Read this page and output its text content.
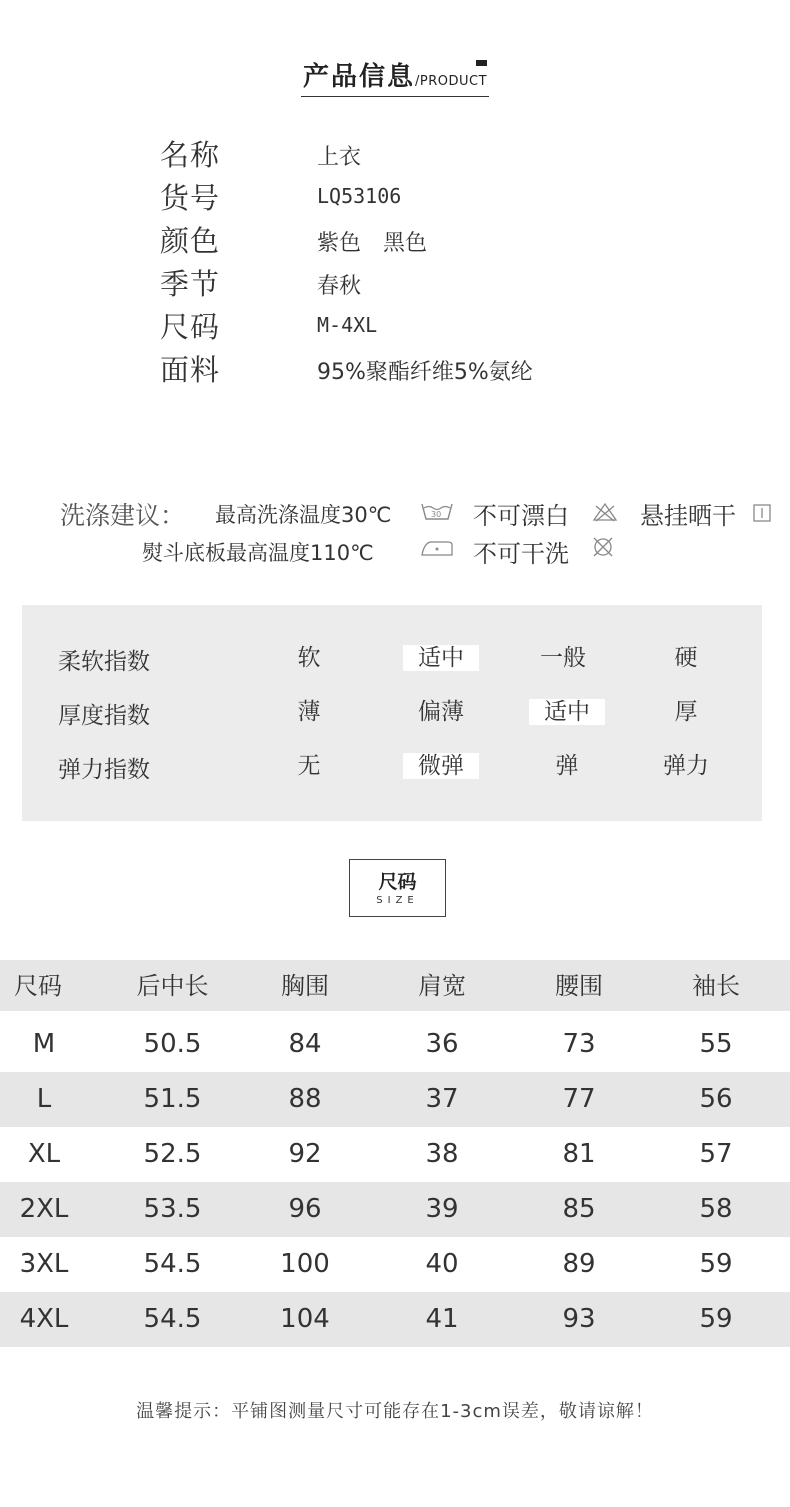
产品信息/PRODUCT
名称	上衣
货号	LQ53106
颜色	紫色　黑色
季节	春秋
尺码	M-4XL
面料	95%聚酯纤维5%氨纶
洗涤建议： 最高洗涤温度30℃	30 不可漂白	悬挂晒干
熨斗底板最高温度110℃	不可干洗
柔软指数	软	适中	一般	硬
厚度指数	薄	偏薄	适中	厚
弹力指数	无	微弹	弹	弹力
尺码
SIZE
尺码	后中长	胸围	肩宽	腰围	袖长
M	50.5	84	36	73	55
L	51.5	88	37	77	56
XL	52.5	92	38	81	57
2XL	53.5	96	39	85	58
3XL	54.5	100	40	89	59
4XL	54.5	104	41	93	59
温馨提示：平铺图测量尺寸可能存在1-3cm误差，敬请谅解！
